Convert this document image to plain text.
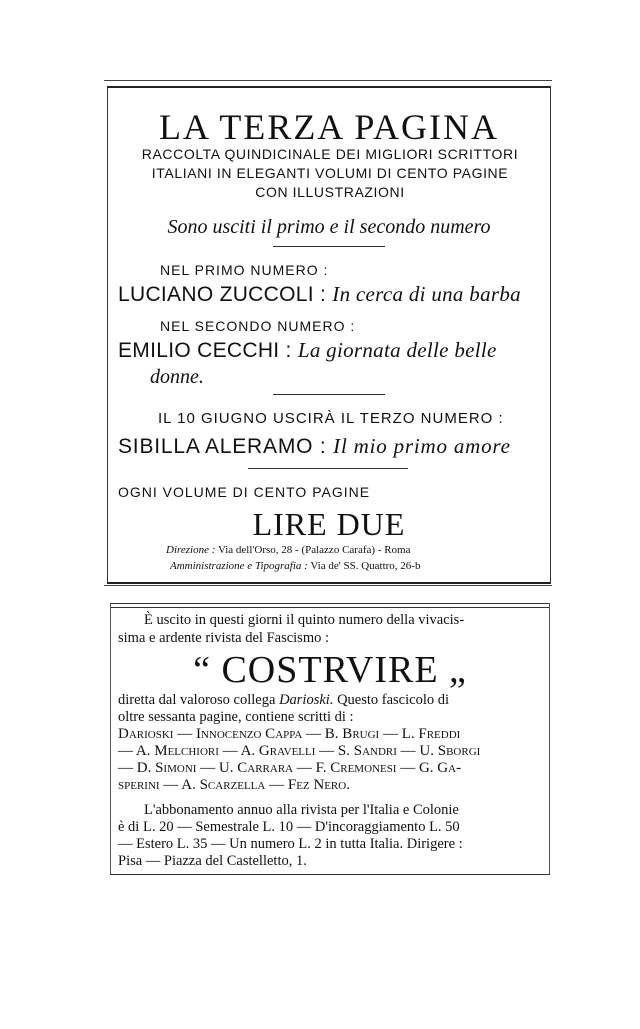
LA TERZA PAGINA
RACCOLTA QUINDICINALE DEI MIGLIORI SCRITTORI
ITALIANI IN ELEGANTI VOLUMI DI CENTO PAGINE
CON ILLUSTRAZIONI
Sono usciti il primo e il secondo numero
NEL PRIMO NUMERO :
LUCIANO ZUCCOLI : In cerca di una barba
NEL SECONDO NUMERO :
EMILIO CECCHI : La giornata delle belle
donne.
IL 10 GIUGNO USCIRÀ IL TERZO NUMERO :
SIBILLA ALERAMO : Il mio primo amore
OGNI VOLUME DI CENTO PAGINE
LIRE DUE
Direzione : Via dell'Orso, 28 - (Palazzo Carafa) - Roma
Amministrazione e Tipografia : Via de' SS. Quattro, 26-b
È uscito in questi giorni il quinto numero della vivacis-
sima e ardente rivista del Fascismo :
“ COSTRVIRE „
diretta dal valoroso collega Darioski. Questo fascicolo di
oltre sessanta pagine, contiene scritti di :
Darioski — Innocenzo Cappa — B. Brugi — L. Freddi
— A. Melchiori — A. Gravelli — S. Sandri — U. Sborgi
— D. Simoni — U. Carrara — F. Cremonesi — G. Ga-
sperini — A. Scarzella — Fez Nero.
L'abbonamento annuo alla rivista per l'Italia e Colonie
è di L. 20 — Semestrale L. 10 — D'incoraggiamento L. 50
— Estero L. 35 — Un numero L. 2 in tutta Italia. Dirigere :
Pisa — Piazza del Castelletto, 1.
